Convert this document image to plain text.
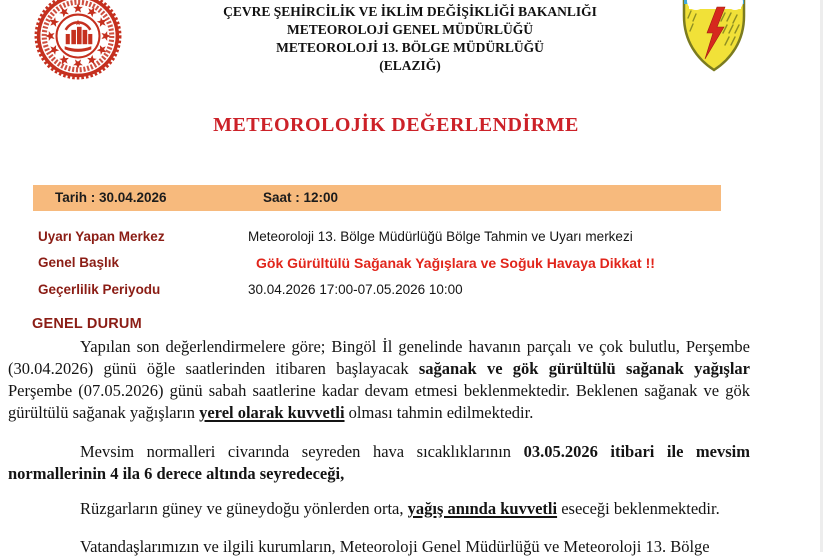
ÇEVRE ŞEHİRCİLİK VE İKLİM DEĞİŞİKLİĞİ BAKANLIĞI
METEOROLOJİ GENEL MÜDÜRLÜĞÜ
METEOROLOJİ 13. BÖLGE MÜDÜRLÜĞÜ
(ELAZIĞ)
METEOROLOJİK DEĞERLENDİRME
Tarih : 30.04.2026	Saat : 12:00
Uyarı Yapan Merkez	Meteoroloji 13. Bölge Müdürlüğü Bölge Tahmin ve Uyarı merkezi
Genel Başlık	Gök Gürültülü Sağanak Yağışlara ve Soğuk Havaya Dikkat !!
Geçerlilik Periyodu	30.04.2026 17:00-07.05.2026 10:00
GENEL DURUM

Yapılan son değerlendirmelere göre; Bingöl İl genelinde havanın parçalı ve çok bulutlu, Perşembe (30.04.2026) günü öğle saatlerinden itibaren başlayacak sağanak ve gök gürültülü sağanak yağışlar Perşembe (07.05.2026) günü sabah saatlerine kadar devam etmesi beklenmektedir. Beklenen sağanak ve gök gürültülü sağanak yağışların yerel olarak kuvvetli olması tahmin edilmektedir.

Mevsim normalleri civarında seyreden hava sıcaklıklarının 03.05.2026 itibari ile mevsim normallerinin 4 ila 6 derece altında seyredeceği,

Rüzgarların güney ve güneydoğu yönlerden orta, yağış anında kuvvetli eseceği beklenmektedir.

Vatandaşlarımızın ve ilgili kurumların, Meteoroloji Genel Müdürlüğü ve Meteoroloji 13. Bölge
